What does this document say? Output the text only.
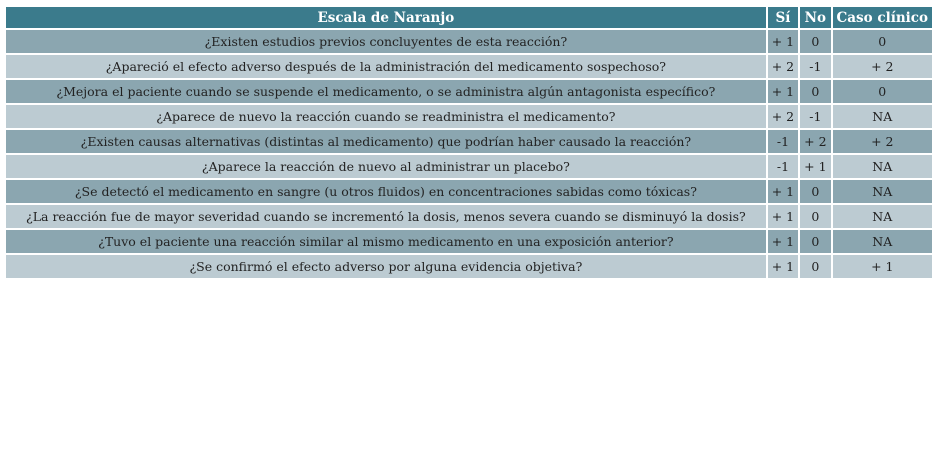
Escala de Naranjo	Sí	No	Caso clínico
¿Existen estudios previos concluyentes de esta reacción?	+ 1	0	0
¿Apareció el efecto adverso después de la administración del medicamento sospechoso?	+ 2	-1	+ 2
¿Mejora el paciente cuando se suspende el medicamento, o se administra algún antagonista específico?	+ 1	0	0
¿Aparece de nuevo la reacción cuando se readministra el medicamento?	+ 2	-1	NA
¿Existen causas alternativas (distintas al medicamento) que podrían haber causado la reacción?	-1	+ 2	+ 2
¿Aparece la reacción de nuevo al administrar un placebo?	-1	+ 1	NA
¿Se detectó el medicamento en sangre (u otros fluidos) en concentraciones sabidas como tóxicas?	+ 1	0	NA
¿La reacción fue de mayor severidad cuando se incrementó la dosis, menos severa cuando se disminuyó la dosis?	+ 1	0	NA
¿Tuvo el paciente una reacción similar al mismo medicamento en una exposición anterior?	+ 1	0	NA
¿Se confirmó el efecto adverso por alguna evidencia objetiva?	+ 1	0	+ 1
